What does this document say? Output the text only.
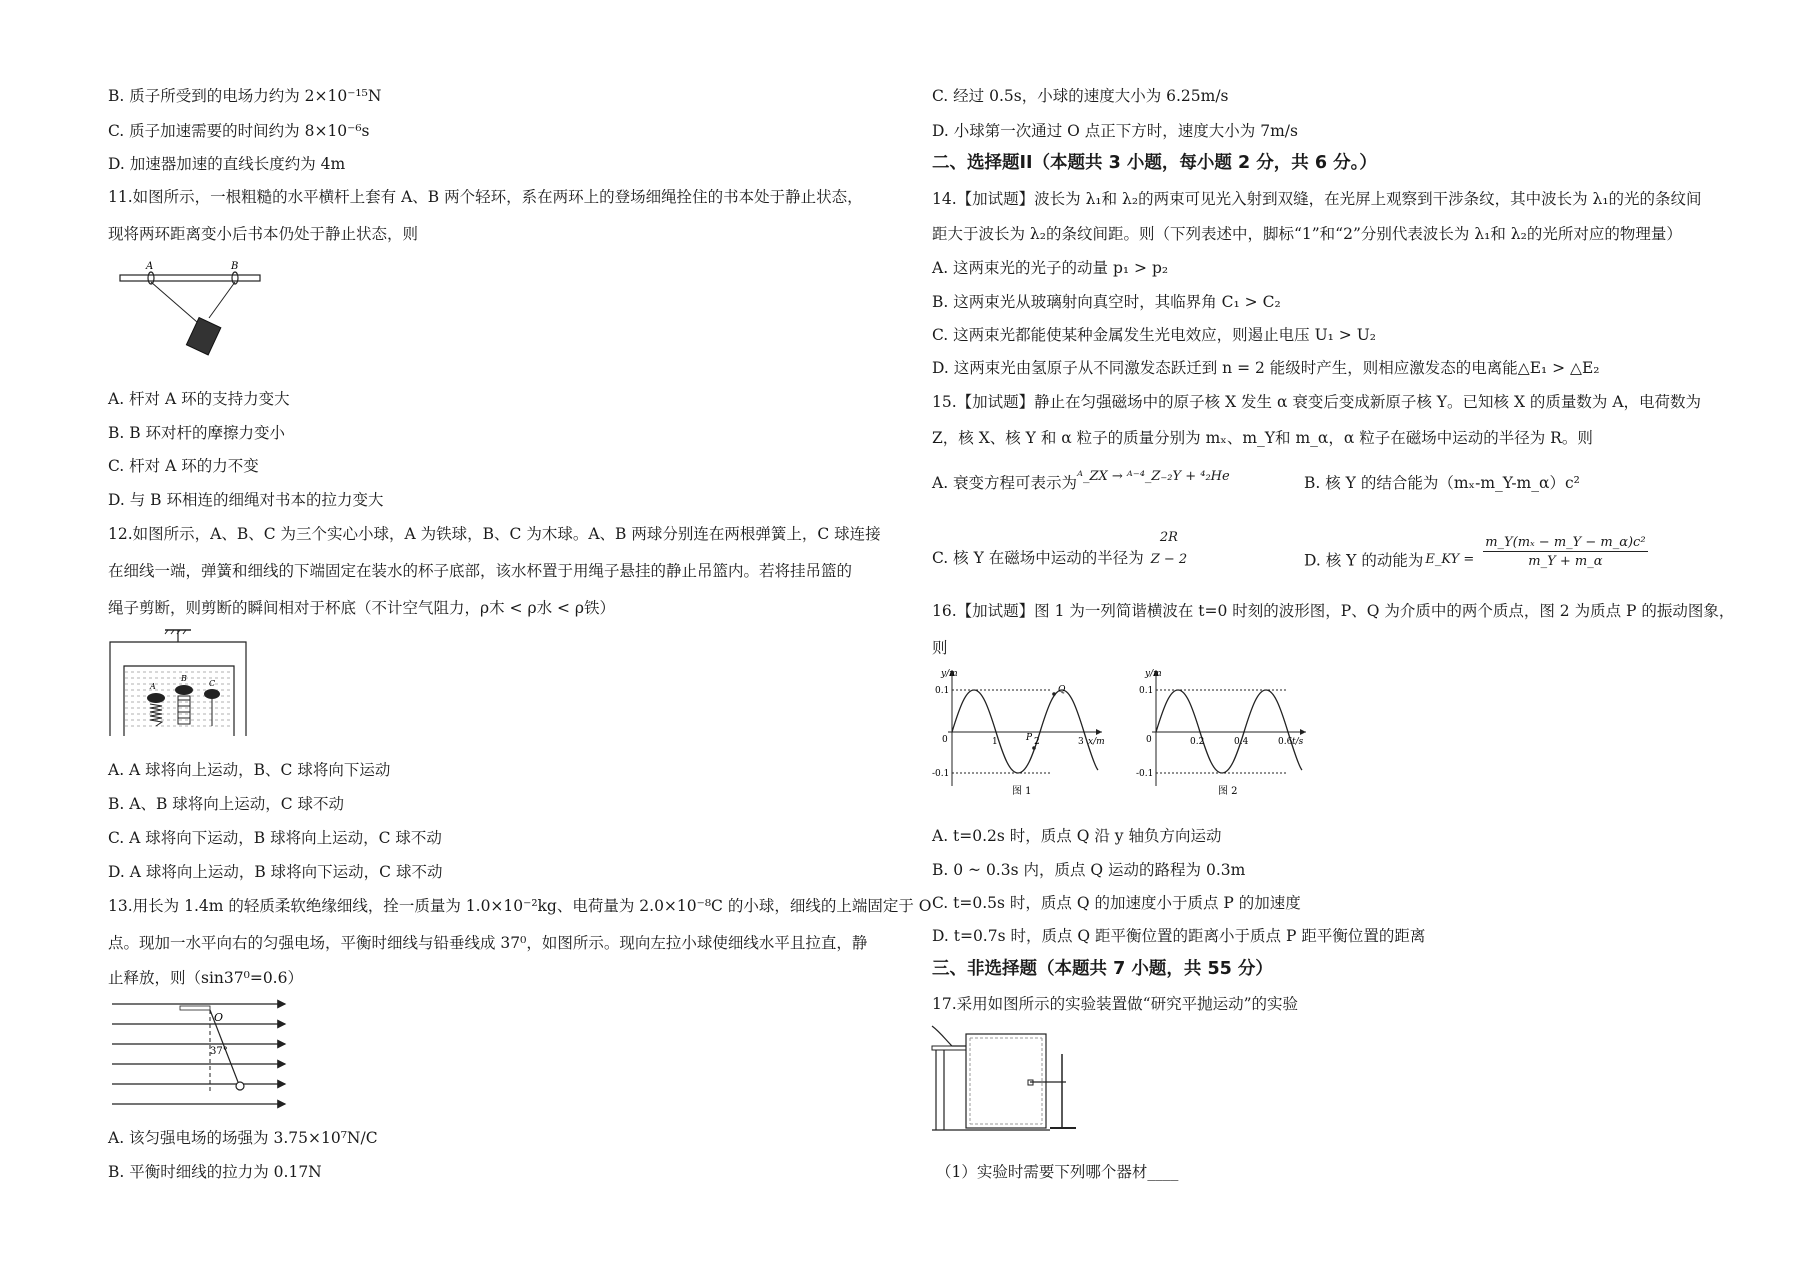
B. 质子所受到的电场力约为 2×10⁻¹⁵N
C. 质子加速需要的时间约为 8×10⁻⁶s
D. 加速器加速的直线长度约为 4m
11.如图所示，一根粗糙的水平横杆上套有 A、B 两个轻环，系在两环上的登场细绳拴住的书本处于静止状态，
现将两环距离变小后书本仍处于静止状态，则
A	B
A. 杆对 A 环的支持力变大
B. B 环对杆的摩擦力变小
C. 杆对 A 环的力不变
D. 与 B 环相连的细绳对书本的拉力变大
12.如图所示，A、B、C 为三个实心小球，A 为铁球，B、C 为木球。A、B 两球分别连在两根弹簧上，C 球连接
在细线一端，弹簧和细线的下端固定在装水的杯子底部，该水杯置于用绳子悬挂的静止吊篮内。若将挂吊篮的
绳子剪断，则剪断的瞬间相对于杯底（不计空气阻力，ρ木 < ρ水 < ρ铁）
A
B
C
A. A 球将向上运动，B、C 球将向下运动
B. A、B 球将向上运动，C 球不动
C. A 球将向下运动，B 球将向上运动，C 球不动
D. A 球将向上运动，B 球将向下运动，C 球不动
13.用长为 1.4m 的轻质柔软绝缘细线，拴一质量为 1.0×10⁻²kg、电荷量为 2.0×10⁻⁸C 的小球，细线的上端固定于 O
点。现加一水平向右的匀强电场，平衡时细线与铅垂线成 37⁰，如图所示。现向左拉小球使细线水平且拉直，静
止释放，则（sin37⁰=0.6）
O
37°
A. 该匀强电场的场强为 3.75×10⁷N/C
B. 平衡时细线的拉力为 0.17N
C. 经过 0.5s，小球的速度大小为 6.25m/s
D. 小球第一次通过 O 点正下方时，速度大小为 7m/s
二、选择题II（本题共 3 小题，每小题 2 分，共 6 分。）
14.【加试题】波长为 λ₁和 λ₂的两束可见光入射到双缝，在光屏上观察到干涉条纹，其中波长为 λ₁的光的条纹间
距大于波长为 λ₂的条纹间距。则（下列表述中，脚标“1”和“2”分别代表波长为 λ₁和 λ₂的光所对应的物理量）
A. 这两束光的光子的动量 p₁ > p₂
B. 这两束光从玻璃射向真空时，其临界角 C₁ > C₂
C. 这两束光都能使某种金属发生光电效应，则遏止电压 U₁ > U₂
D. 这两束光由氢原子从不同激发态跃迁到 n = 2 能级时产生，则相应激发态的电离能△E₁ > △E₂
15.【加试题】静止在匀强磁场中的原子核 X 发生 α 衰变后变成新原子核 Y。已知核 X 的质量数为 A，电荷数为
Z，核 X、核 Y 和 α 粒子的质量分别为 mₓ、m_Y和 m_α，α 粒子在磁场中运动的半径为 R。则
A. 衰变方程可表示为$^{ᴬ\_ZX \to ᴬ^{-4}\_Z_{-2}Y + ^4_2He}$	B. 核 Y 的结合能为（mₓ-m_Y-m_α）c²
C. 核 Y 在磁场中运动的半径为
2R
Z − 2	D. 核 Y 的动能为 E_KY = $\frac{\text{m\_Y(mₓ − m\_Y − m\_α)c²}}{m\_Y + m\_\alpha}$
16.【加试题】图 1 为一列简谐横波在 t=0 时刻的波形图，P、Q 为介质中的两个质点，图 2 为质点 P 的振动图象，
则
y/m
x/m
0.1
-0.1
0	1	2	3
P
Q
图 1
y/m
t/s
0.1
-0.1
0	0.2	0.4	0.6
图 2
A. t=0.2s 时，质点 Q 沿 y 轴负方向运动
B. 0 ~ 0.3s 内，质点 Q 运动的路程为 0.3m
C. t=0.5s 时，质点 Q 的加速度小于质点 P 的加速度
D. t=0.7s 时，质点 Q 距平衡位置的距离小于质点 P 距平衡位置的距离
三、非选择题（本题共 7 小题，共 55 分）
17.采用如图所示的实验装置做“研究平抛运动”的实验
（1）实验时需要下列哪个器材____
